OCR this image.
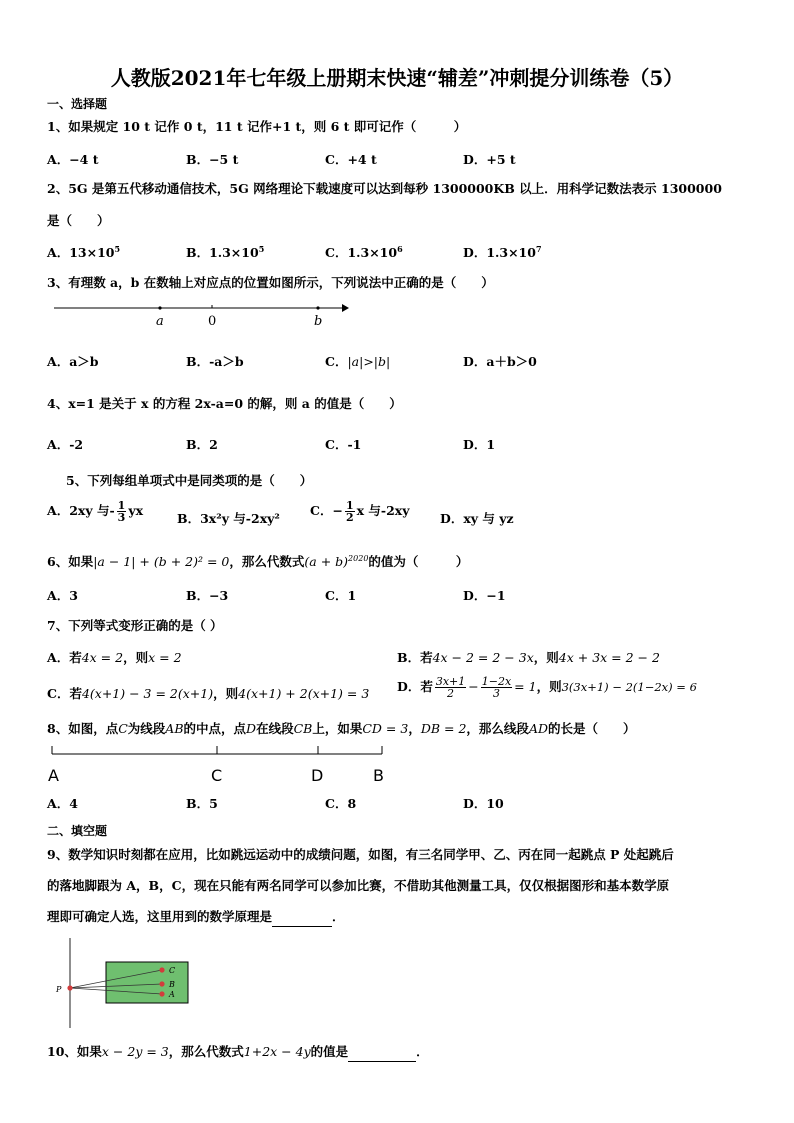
人教版2021年七年级上册期末快速“辅差”冲刺提分训练卷（5）
一、选择题
1、如果规定 10 t 记作 0 t，11 t 记作+1 t，则 6 t 即可记作（　　　）
A．−4 t	B．−5 t	C．+4 t	D．+5 t
2、5G 是第五代移动通信技术，5G 网络理论下载速度可以达到每秒 1300000KB 以上．用科学记数法表示 1300000
是（　　）
A．$13\times 10^5$	B．$1.3\times 10^5$	C．$1.3\times 10^6$	D．$1.3\times 10^7$
3、有理数 a，b 在数轴上对应点的位置如图所示，下列说法中正确的是（　　）
a	0	b
A．a＞b	B．-a＞b	C．|a|>|b|	D．a＋b＞0
4、x=1 是关于 x 的方程 2x-a=0 的解，则 a 的值是（　　）
A．-2	B．2	C．-1	D．1
5、下列每组单项式中是同类项的是（　　）
A．2xy 与- $\frac{1}{3}$ yx
B．3x²y 与-2xy²
C．− $\frac{1}{2}$ x 与-2xy
D．xy 与 yz
6、如果|a − 1| + (b + 2)² = 0，那么代数式$(a + b)^{2020}$的值为（　　　）
A．3	B．−3	C．1	D．−1
7、下列等式变形正确的是（ ）
A．若4x = 2，则x = 2	B．若4x − 2 = 2 − 3x，则4x + 3x = 2 − 2
C．若4(x+1) − 3 = 2(x+1)，则4(x+1) + 2(x+1) = 3 D．若 $\frac{3x+1}{2} - \frac{1-2x}{3} = 1$，则3(3x+1) − 2(1−2x) = 6
8、如图，点C为线段AB的中点，点D在线段CB上，如果CD = 3，DB = 2，那么线段AD的长是（　　）
A	C	D	B
A．4	B．5	C．8	D．10
二、填空题
9、数学知识时刻都在应用，比如跳远运动中的成绩问题，如图，有三名同学甲、乙、丙在同一起跳点 P 处起跳后
的落地脚跟为 A，B，C，现在只能有两名同学可以参加比赛，不借助其他测量工具，仅仅根据图形和基本数学原
理即可确定人选，这里用到的数学原理是	．
P
C
B
A
10、如果x − 2y = 3，那么代数式1+2x − 4y的值是	．
